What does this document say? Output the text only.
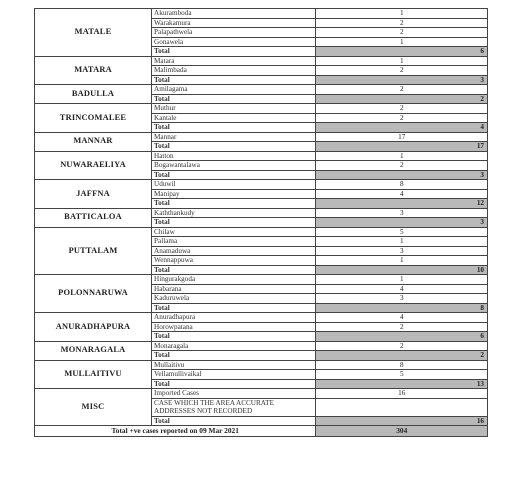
MATALE	Akuramboda	1
	Warakamura	2
	Palapathwela	2
	Gonawela	1
	Total	6
MATARA	Matara	1
	Malimbada	2
	Total	3
BADULLA	Amilagama	2
	Total	2
TRINCOMALEE	Muthur	2
	Kantale	2
	Total	4
MANNAR	Mannar	17
	Total	17
NUWARAELIYA	Hatton	1
	Bogawantalawa	2
	Total	3
JAFFNA	Uduwil	8
	Manipay	4
	Total	12
BATTICALOA	Kaththankudy	3
	Total	3
PUTTALAM	Chilaw	5
	Pallama	1
	Anamaduwa	3
	Wennappuwa	1
	Total	10
POLONNARUWA	Hingurakgoda	1
	Habarana	4
	Kaduruwela	3
	Total	8
ANURADHAPURA	Anuradhapura	4
	Horowpatana	2
	Total	6
MONARAGALA	Monaragala	2
	Total	2
MULLAITIVU	Mullaitivu	8
	Vellamullivaikal	5
	Total	13
MISC	Imported Cases	16
	CASE WHICH THE AREA ACCURATE ADDRESSES NOT RECORDED	
	Total	16
Total +ve cases reported on 09 Mar 2021		304
